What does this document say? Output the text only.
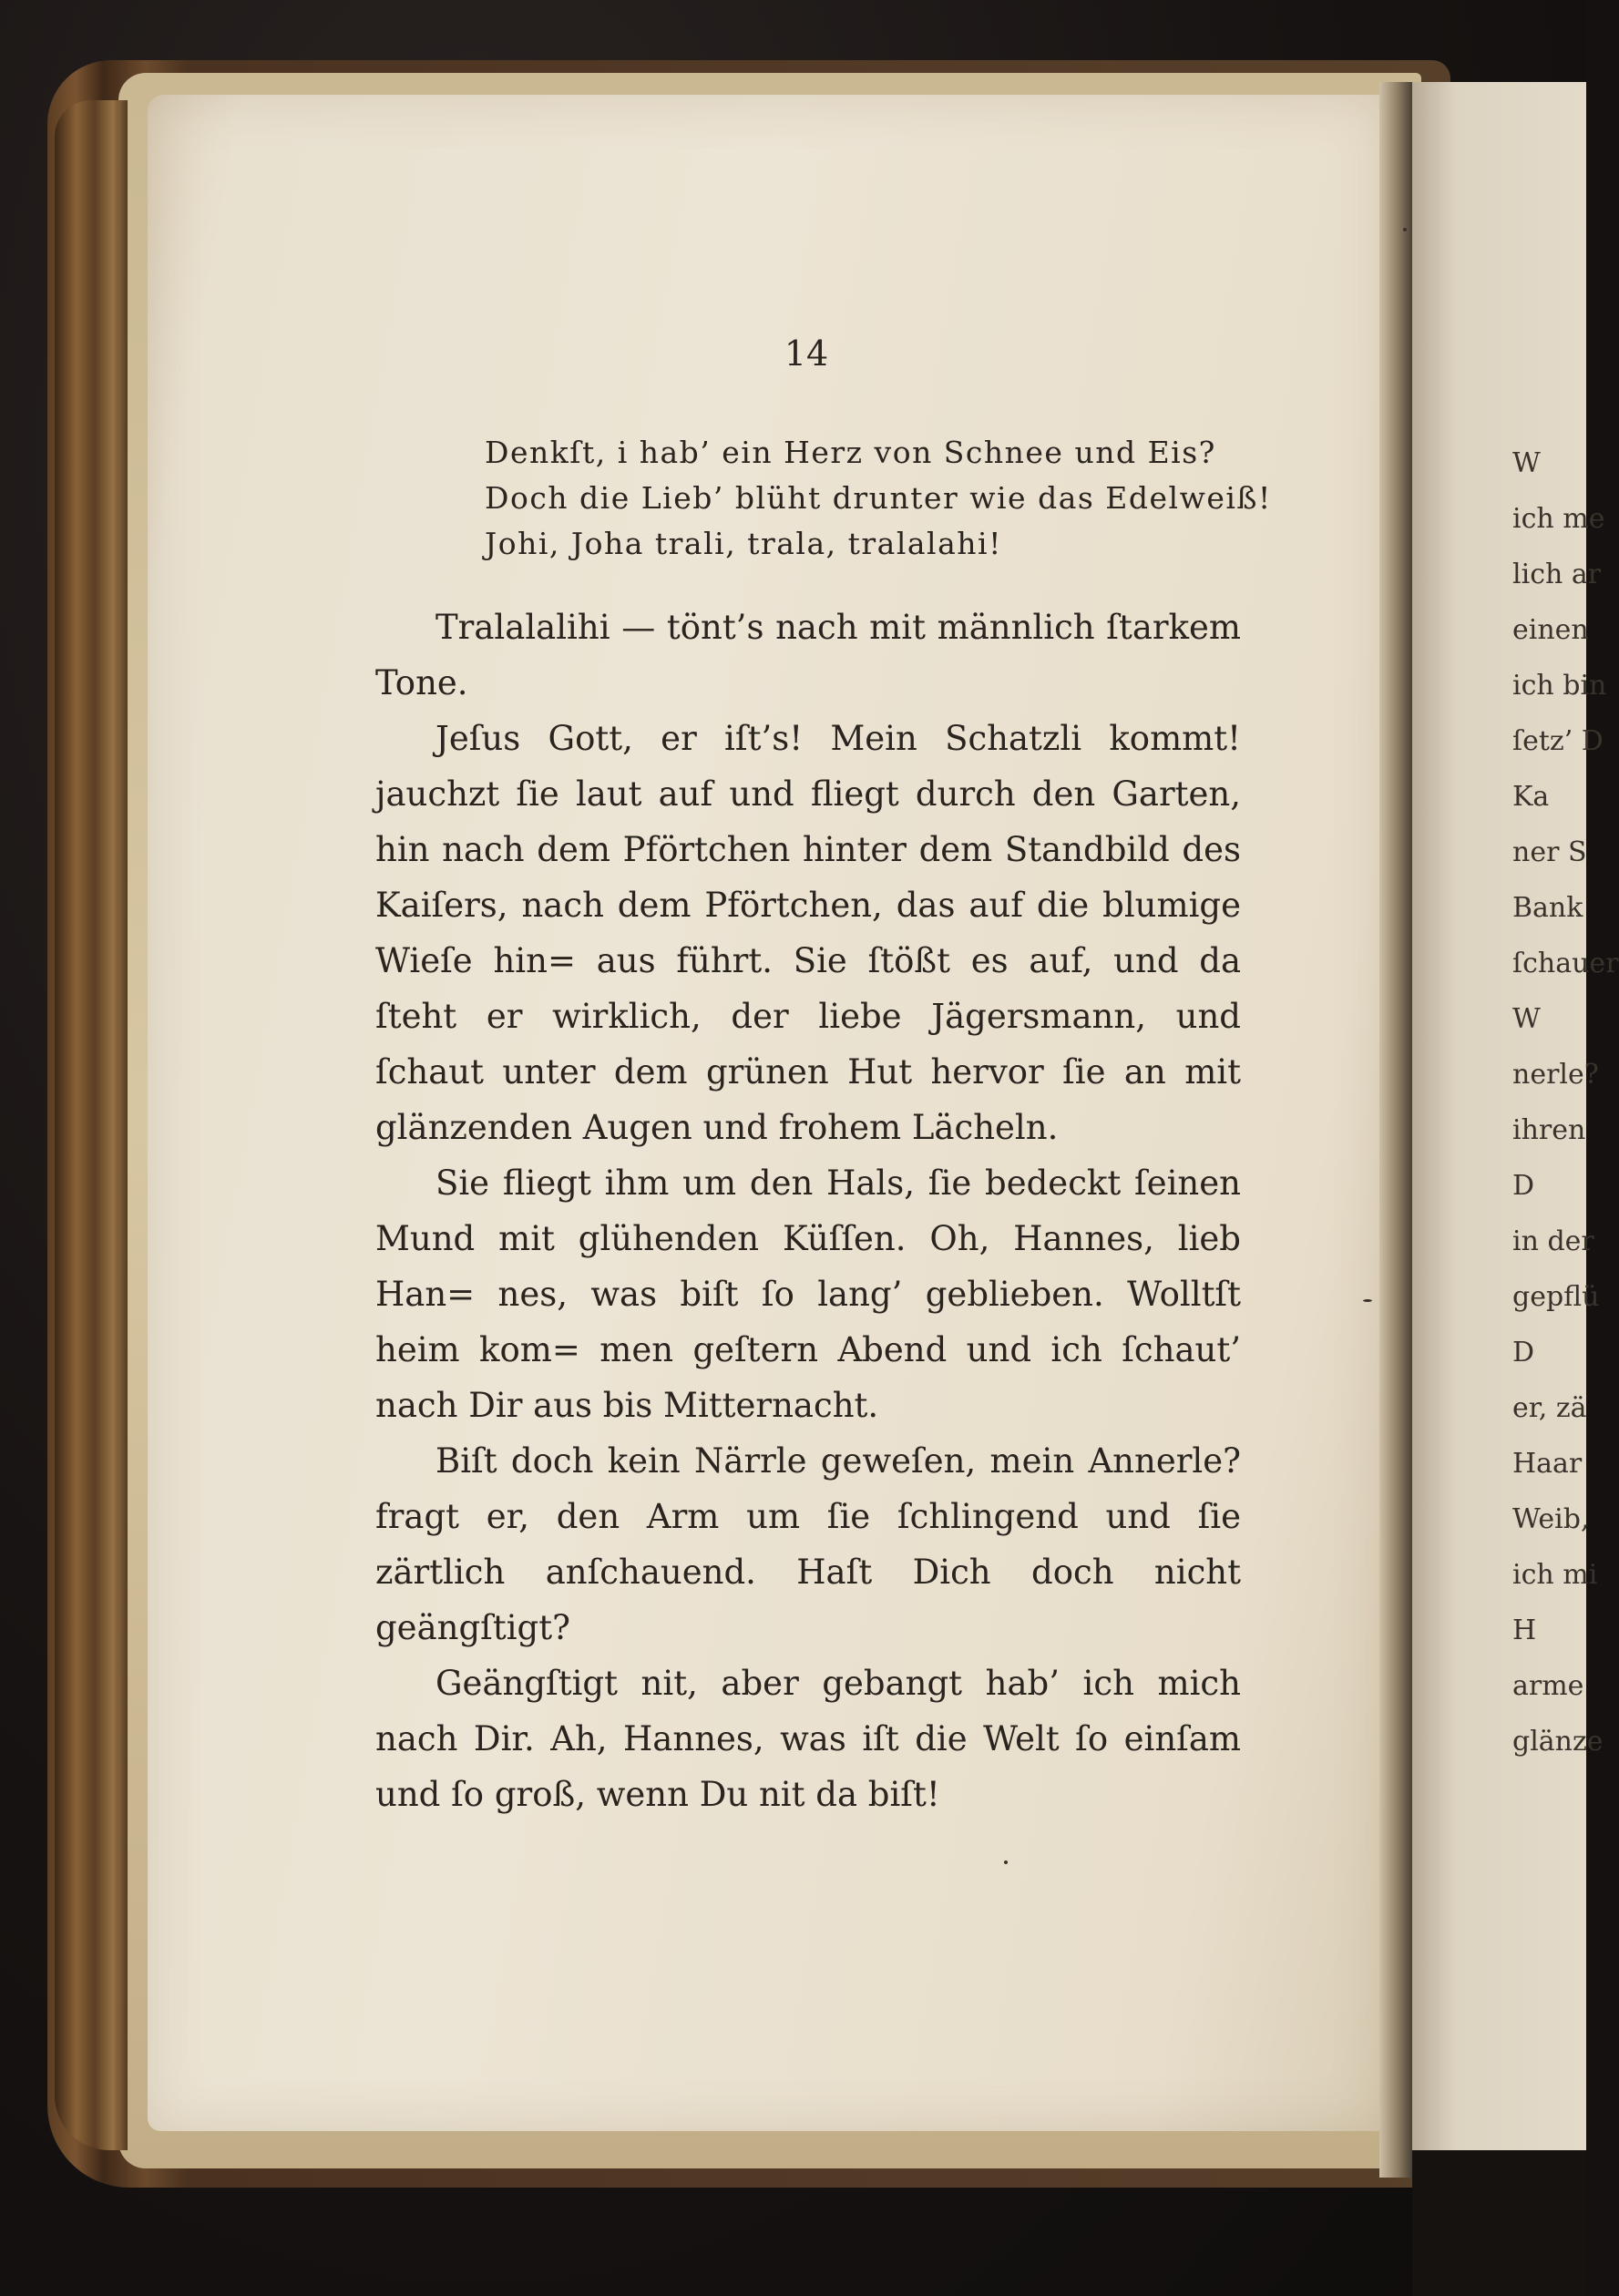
14
Denkſt, i hab’ ein Herz von Schnee und Eis?
Doch die Lieb’ blüht drunter wie das Edelweiß!
Johi, Joha trali, trala, tralalahi!

Tralalalihi — tönt’s nach mit männlich ſtarkem Tone.

Jeſus Gott, er iſt’s! Mein Schatzli kommt! jauchzt ſie laut auf und fliegt durch den Garten, hin nach dem Pförtchen hinter dem Standbild des Kaiſers, nach dem Pförtchen, das auf die blumige Wieſe hin= aus führt. Sie ſtößt es auf, und da ſteht er wirklich, der liebe Jägersmann, und ſchaut unter dem grünen Hut hervor ſie an mit glänzenden Augen und frohem Lächeln.

Sie fliegt ihm um den Hals, ſie bedeckt ſeinen Mund mit glühenden Küſſen. Oh, Hannes, lieb Han= nes, was biſt ſo lang’ geblieben. Wolltſt heim kom= men geſtern Abend und ich ſchaut’ nach Dir aus bis Mitternacht.

Biſt doch kein Närrle geweſen, mein Annerle? fragt er, den Arm um ſie ſchlingend und ſie zärtlich anſchauend. Haſt Dich doch nicht geängſtigt?

Geängſtigt nit, aber gebangt hab’ ich mich nach Dir. Ah, Hannes, was iſt die Welt ſo einſam und ſo groß, wenn Du nit da biſt!

W
ich me
lich ar
einen
ich bin
ſetz’ D
Ka
ner S
Bank
ſchauer
W
nerle?
ihren
D
in der
gepflü
D
er, zä
Haar
Weib,
ich mi
H
arme
glänze
